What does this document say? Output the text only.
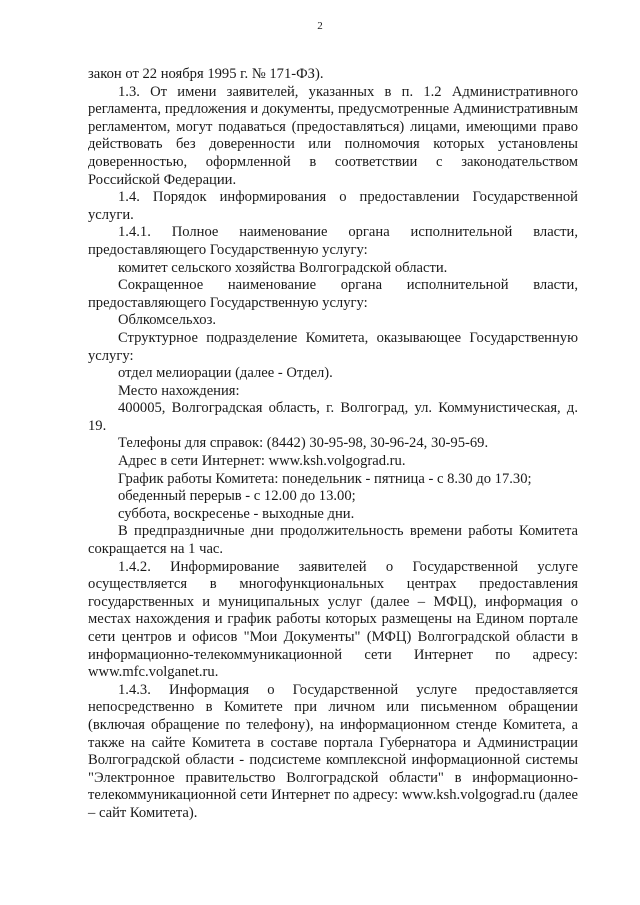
2

закон от 22 ноября 1995 г. № 171-ФЗ).

1.3. От имени заявителей, указанных в п. 1.2 Административного регламента, предложения и документы, предусмотренные Административным регламентом, могут подаваться (предоставляться) лицами, имеющими право действовать без доверенности или полномочия которых установлены доверенностью, оформленной в соответствии с законодательством Российской Федерации.

1.4. Порядок информирования о предоставлении Государственной услуги.

1.4.1. Полное наименование органа исполнительной власти, предоставляющего Государственную услугу:

комитет сельского хозяйства Волгоградской области.

Сокращенное наименование органа исполнительной власти, предоставляющего Государственную услугу:

Облкомсельхоз.

Структурное подразделение Комитета, оказывающее Государственную услугу:

отдел мелиорации (далее - Отдел).

Место нахождения:

400005, Волгоградская область, г. Волгоград, ул. Коммунистическая, д. 19.

Телефоны для справок: (8442) 30-95-98, 30-96-24, 30-95-69.

Адрес в сети Интернет: www.ksh.volgograd.ru.

График работы Комитета: понедельник - пятница - с 8.30 до 17.30;

обеденный перерыв - с 12.00 до 13.00;

суббота, воскресенье - выходные дни.

В предпраздничные дни продолжительность времени работы Комитета сокращается на 1 час.

1.4.2. Информирование заявителей о Государственной услуге осуществляется в многофункциональных центрах предоставления государственных и муниципальных услуг (далее – МФЦ), информация о местах нахождения и график работы которых размещены на Едином портале сети центров и офисов "Мои Документы" (МФЦ) Волгоградской области в информационно-телекоммуникационной сети Интернет по адресу: www.mfc.volganet.ru.

1.4.3. Информация о Государственной услуге предоставляется непосредственно в Комитете при личном или письменном обращении (включая обращение по телефону), на информационном стенде Комитета, а также на сайте Комитета в составе портала Губернатора и Администрации Волгоградской области - подсистеме комплексной информационной системы "Электронное правительство Волгоградской области" в информационно-телекоммуникационной сети Интернет по адресу: www.ksh.volgograd.ru (далее – сайт Комитета).
